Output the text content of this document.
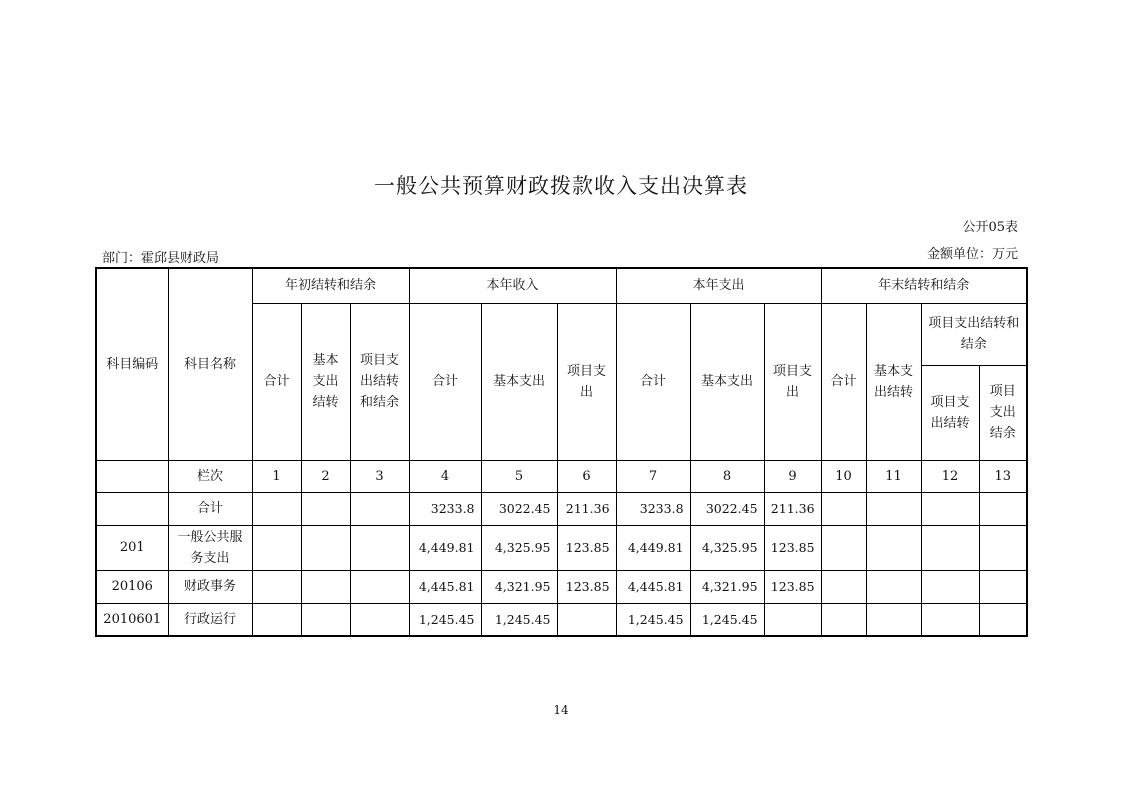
一般公共预算财政拨款收入支出决算表
公开05表
部门：霍邱县财政局	金额单位：万元
科目编码	科目名称	年初结转和结余			本年收入			本年支出			年末结转和结余			
		合计	基本支出结转	项目支出结转和结余	合计	基本支出	项目支出	合计	基本支出	项目支出	合计	基本支出结转	项目支出结转和结余	
													项目支出结转	项目支出结余
	栏次	1	2	3	4	5	6	7	8	9	10	11	12	13
	合计				3233.8	3022.45	211.36	3233.8	3022.45	211.36				
201	一般公共服务支出				4,449.81	4,325.95	123.85	4,449.81	4,325.95	123.85				
20106	财政事务				4,445.81	4,321.95	123.85	4,445.81	4,321.95	123.85				
2010601	行政运行				1,245.45	1,245.45		1,245.45	1,245.45					
14
